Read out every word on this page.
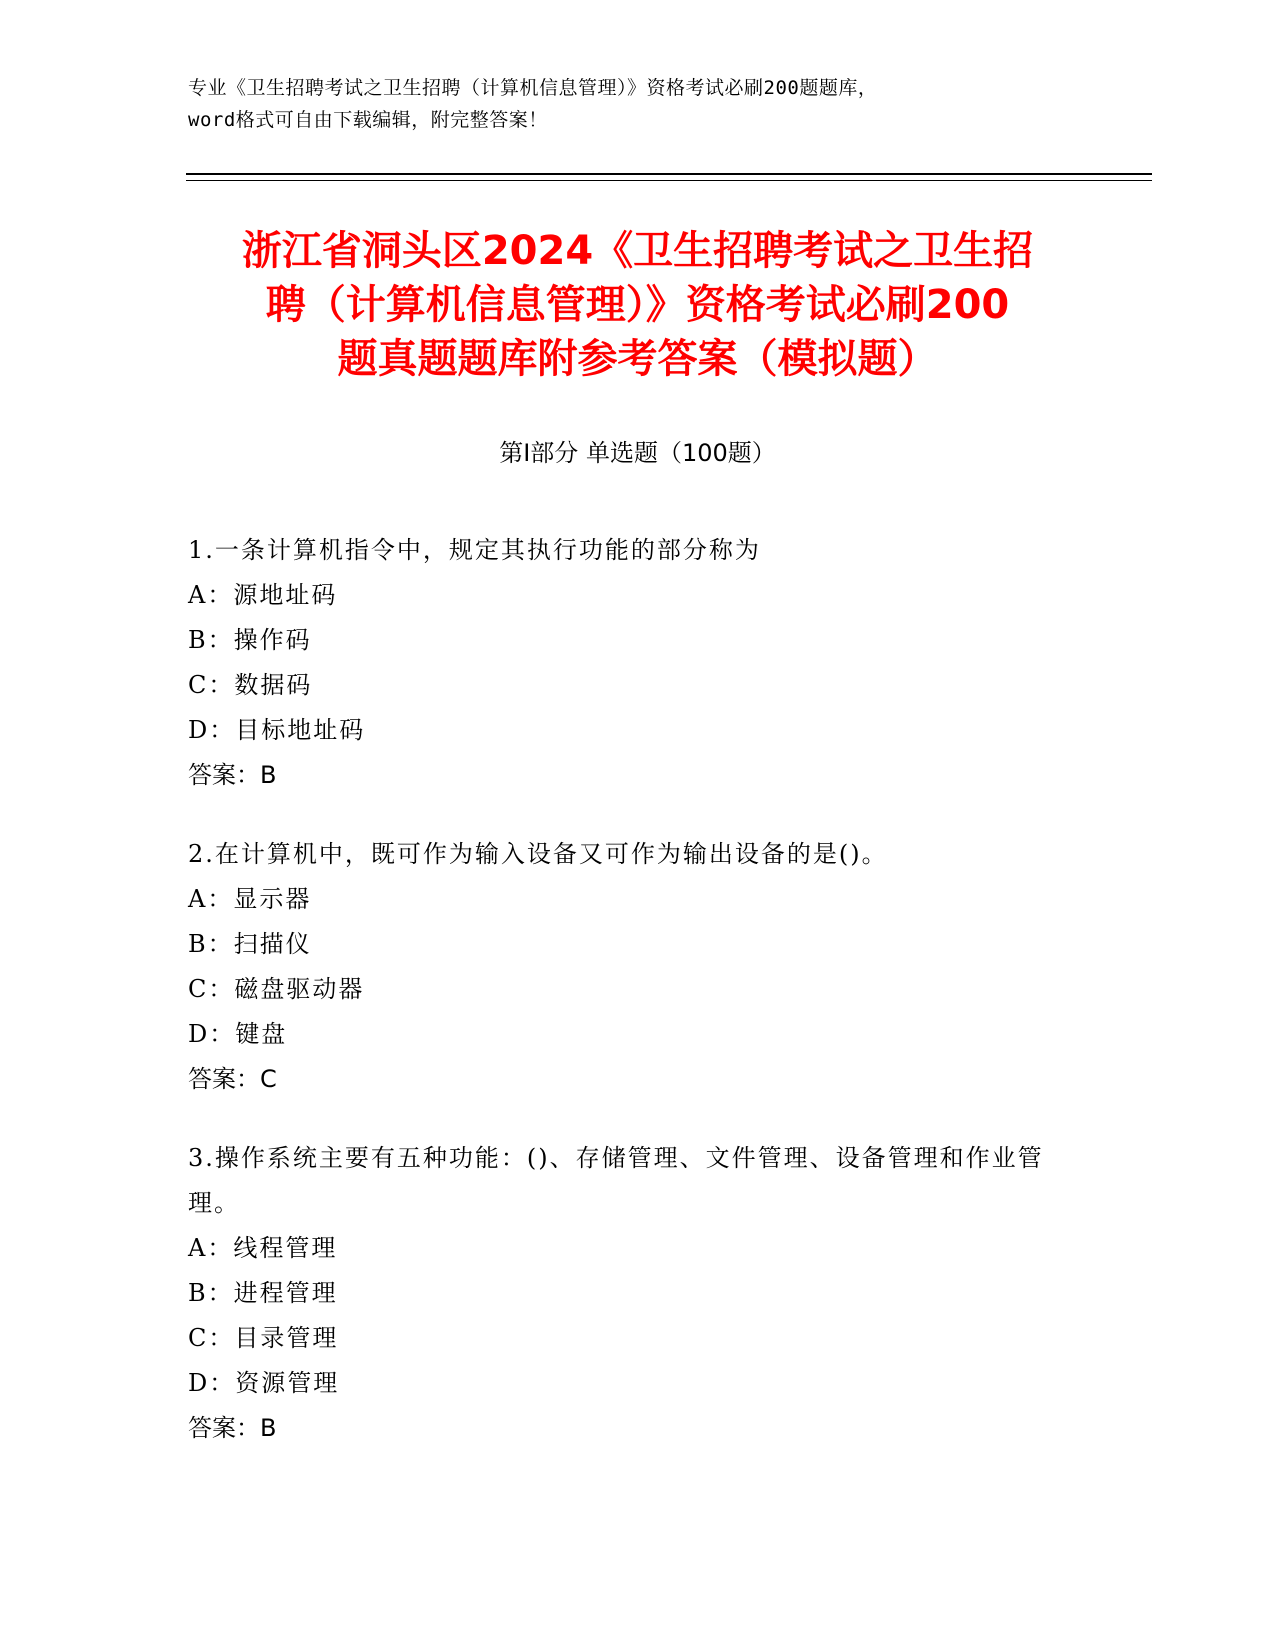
专业《卫生招聘考试之卫生招聘（计算机信息管理）》资格考试必刷200题题库，
word格式可自由下载编辑，附完整答案！
浙江省洞头区2024《卫生招聘考试之卫生招
聘（计算机信息管理）》资格考试必刷200
题真题题库附参考答案（模拟题）
第Ⅰ部分 单选题（100题）
1.一条计算机指令中，规定其执行功能的部分称为
A：源地址码
B：操作码
C：数据码
D：目标地址码
答案：B
2.在计算机中，既可作为输入设备又可作为输出设备的是()。
A：显示器
B：扫描仪
C：磁盘驱动器
D：键盘
答案：C
3.操作系统主要有五种功能：()、存储管理、文件管理、设备管理和作业管理。
A：线程管理
B：进程管理
C：目录管理
D：资源管理
答案：B
